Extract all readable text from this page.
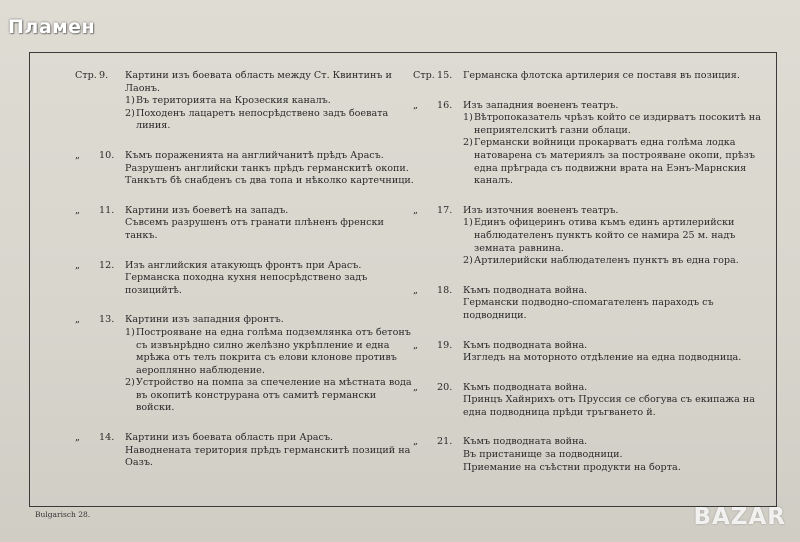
Пламен
Стр. 9.	Картини изъ боевата область между Ст. Квинтинъ и Лаонъ.
1) Въ територията на Крозеския каналъ.
2) Походенъ лацаретъ непосрѣдствено задъ боевата линия.
„ 10.	Къмъ пораженията на английчанитѣ прѣдъ Арасъ.
Разрушенъ английски танкъ прѣдъ германскитѣ окопи. Танкътъ бѣ снабденъ съ два топа и нѣколко картечници.
„ 11.	Картини изъ боеветѣ на западъ.
Съвсемъ разрушенъ отъ гранати плѣненъ френски танкъ.
„ 12.	Изъ английския атакующъ фронтъ при Арасъ.
Германска походна кухня непосрѣдствено задъ позицийтѣ.
„ 13.	Картини изъ западния фронтъ.
1) Построяване на една голѣма подземлянка отъ бетонъ съ извънрѣдно силно желѣзно укрѣпление и една мрѣжа отъ телъ покрита съ елови клонове противъ аероплянно наблюдение.
2) Устройство на помпа за спечеление на мѣстната вода въ окопитѣ конструрана отъ самитѣ германски войски.
„ 14.	Картини изъ боевата область при Арасъ.
Наводнената територия прѣдъ германскитѣ позиций на Оазъ.
Стр. 15.	Германска флотска артилерия се поставя въ позиция.
„ 16.	Изъ западния воененъ театръ.
1) Вѣтропоказатель чрѣзъ който се издирватъ посокитѣ на неприятелскитѣ газни облаци.
2) Германски войници прокарватъ една голѣма лодка натоварена съ материялъ за построяване окопи, прѣзъ една прѣграда съ подвижни врата на Еэнъ-Марнския каналъ.
„ 17.	Изъ източния воененъ театръ.
1) Единъ офицеринъ отива къмъ единъ артилерийски наблюдателенъ пунктъ който се намира 25 м. надъ земната равнина.
2) Артилерийски наблюдателенъ пунктъ въ една гора.
„ 18.	Къмъ подводната война.
Германски подводно-спомагателенъ параходъ съ подводници.
„ 19.	Къмъ подводната война.
Изгледъ на моторното отдѣление на една подводница.
„ 20.	Къмъ подводната война.
Принцъ Хайнрихъ отъ Пруссия се сбогува съ екипажа на една подводница прѣди тръгването й.
„ 21.	Къмъ подводната война.
Въ пристанище за подводници.
Приемание на съѣстни продукти на борта.
Bulgarisch 28.	BAZAR
